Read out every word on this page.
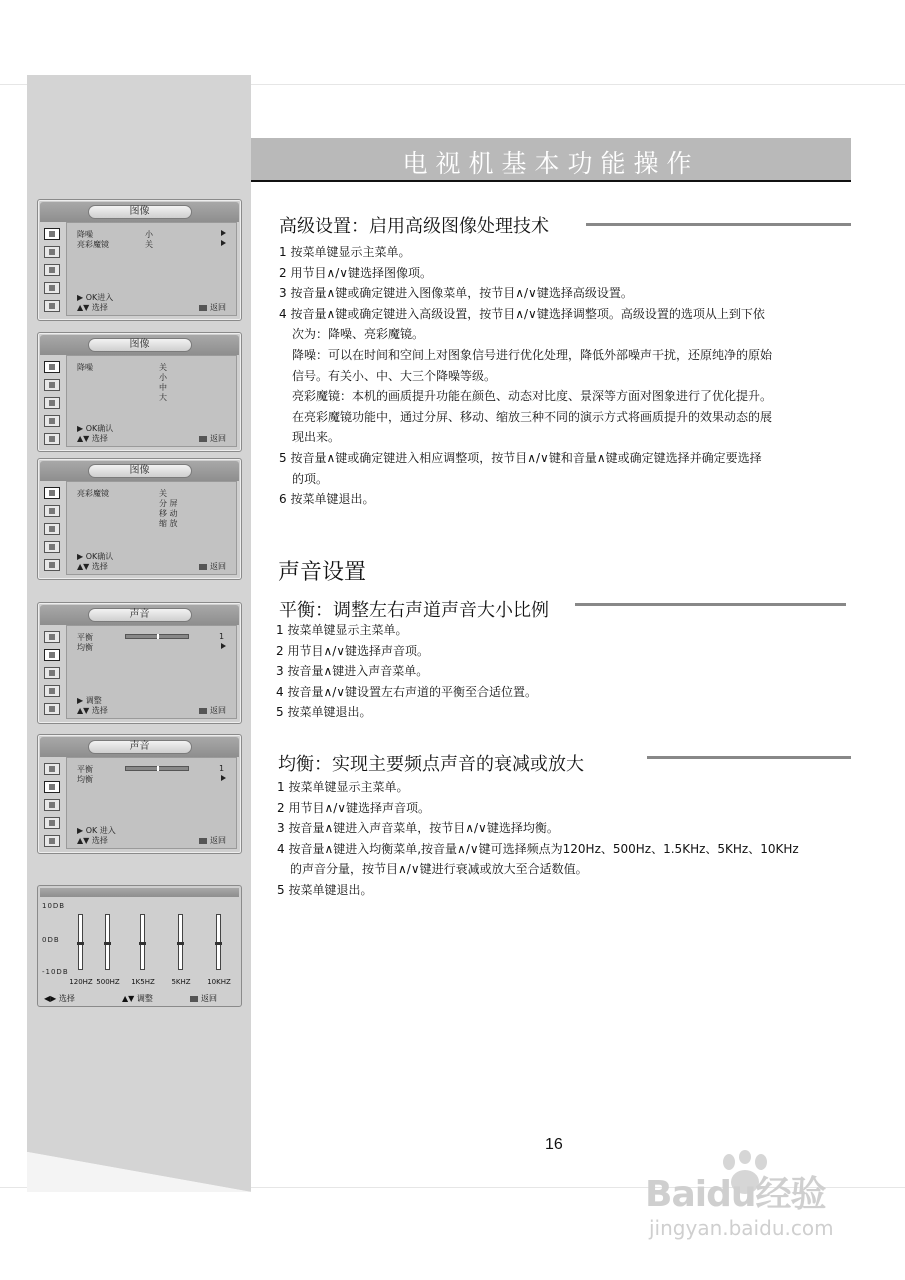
电视机基本功能操作
图像
降噪	小
亮彩魔镜	关
▶ OK进入
▲▼ 选择	返回
图像
降噪	关
小
中
大
▶ OK确认
▲▼ 选择	返回
图像
亮彩魔镜	关
分 屏
移 动
缩 放
▶ OK确认
▲▼ 选择	返回
声音
平衡	1
均衡
▶ 调整
▲▼ 选择	返回
声音
平衡	1
均衡
▶ OK 进入
▲▼ 选择	返回
10DB
0DB
-10DB
120HZ 500HZ	1K5HZ	5KHZ	10KHZ
◀▶ 选择	▲▼ 调整	返回
高级设置：启用高级图像处理技术
1 按菜单键显示主菜单。
2 用节目∧/∨键选择图像项。
3 按音量∧键或确定键进入图像菜单，按节目∧/∨键选择高级设置。
4 按音量∧键或确定键进入高级设置，按节目∧/∨键选择调整项。高级设置的选项从上到下依
次为：降噪、亮彩魔镜。
降噪：可以在时间和空间上对图象信号进行优化处理，降低外部噪声干扰，还原纯净的原始
信号。有关小、中、大三个降噪等级。
亮彩魔镜：本机的画质提升功能在颜色、动态对比度、景深等方面对图象进行了优化提升。
在亮彩魔镜功能中，通过分屏、移动、缩放三种不同的演示方式将画质提升的效果动态的展
现出来。
5 按音量∧键或确定键进入相应调整项，按节目∧/∨键和音量∧键或确定键选择并确定要选择
的项。
6 按菜单键退出。
声音设置
平衡：调整左右声道声音大小比例
1 按菜单键显示主菜单。
2 用节目∧/∨键选择声音项。
3 按音量∧键进入声音菜单。
4 按音量∧/∨键设置左右声道的平衡至合适位置。
5 按菜单键退出。
均衡：实现主要频点声音的衰减或放大
1 按菜单键显示主菜单。
2 用节目∧/∨键选择声音项。
3 按音量∧键进入声音菜单，按节目∧/∨键选择均衡。
4 按音量∧键进入均衡菜单,按音量∧/∨键可选择频点为120Hz、500Hz、1.5KHz、5KHz、10KHz
的声音分量，按节目∧/∨键进行衰减或放大至合适数值。
5 按菜单键退出。
16
Baidu经验
jingyan.baidu.com
